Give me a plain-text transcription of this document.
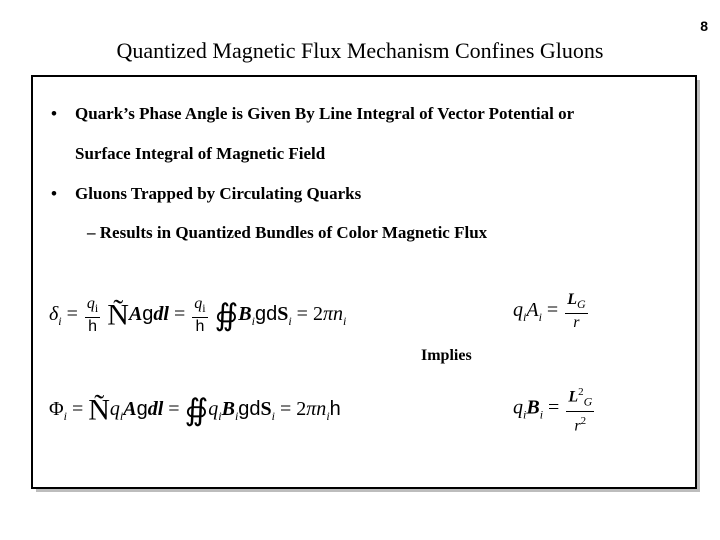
8
Quantized Magnetic Flux Mechanism Confines Gluons
• Quark’s Phase Angle is Given By Line Integral of Vector Potential or
Surface Integral of Magnetic Field
• Gluons Trapped by Circulating Quarks
– Results in Quantized Bundles of Color Magnetic Flux
$\delta_i = \frac{q_i}{h}$ ÑAgdl = $\frac{q_i}{h}$ $∯B_igdS_i = 2\pi n_i$	$q_iA_i = \frac{L_G}{r}$
Implies
$\Phi_i$ = $Ñq_iAgdl$ = $∯q_iB_igdS_i = 2\pi n_ih$	$q_iB_i = \frac{L^2_G}{r^2}$
